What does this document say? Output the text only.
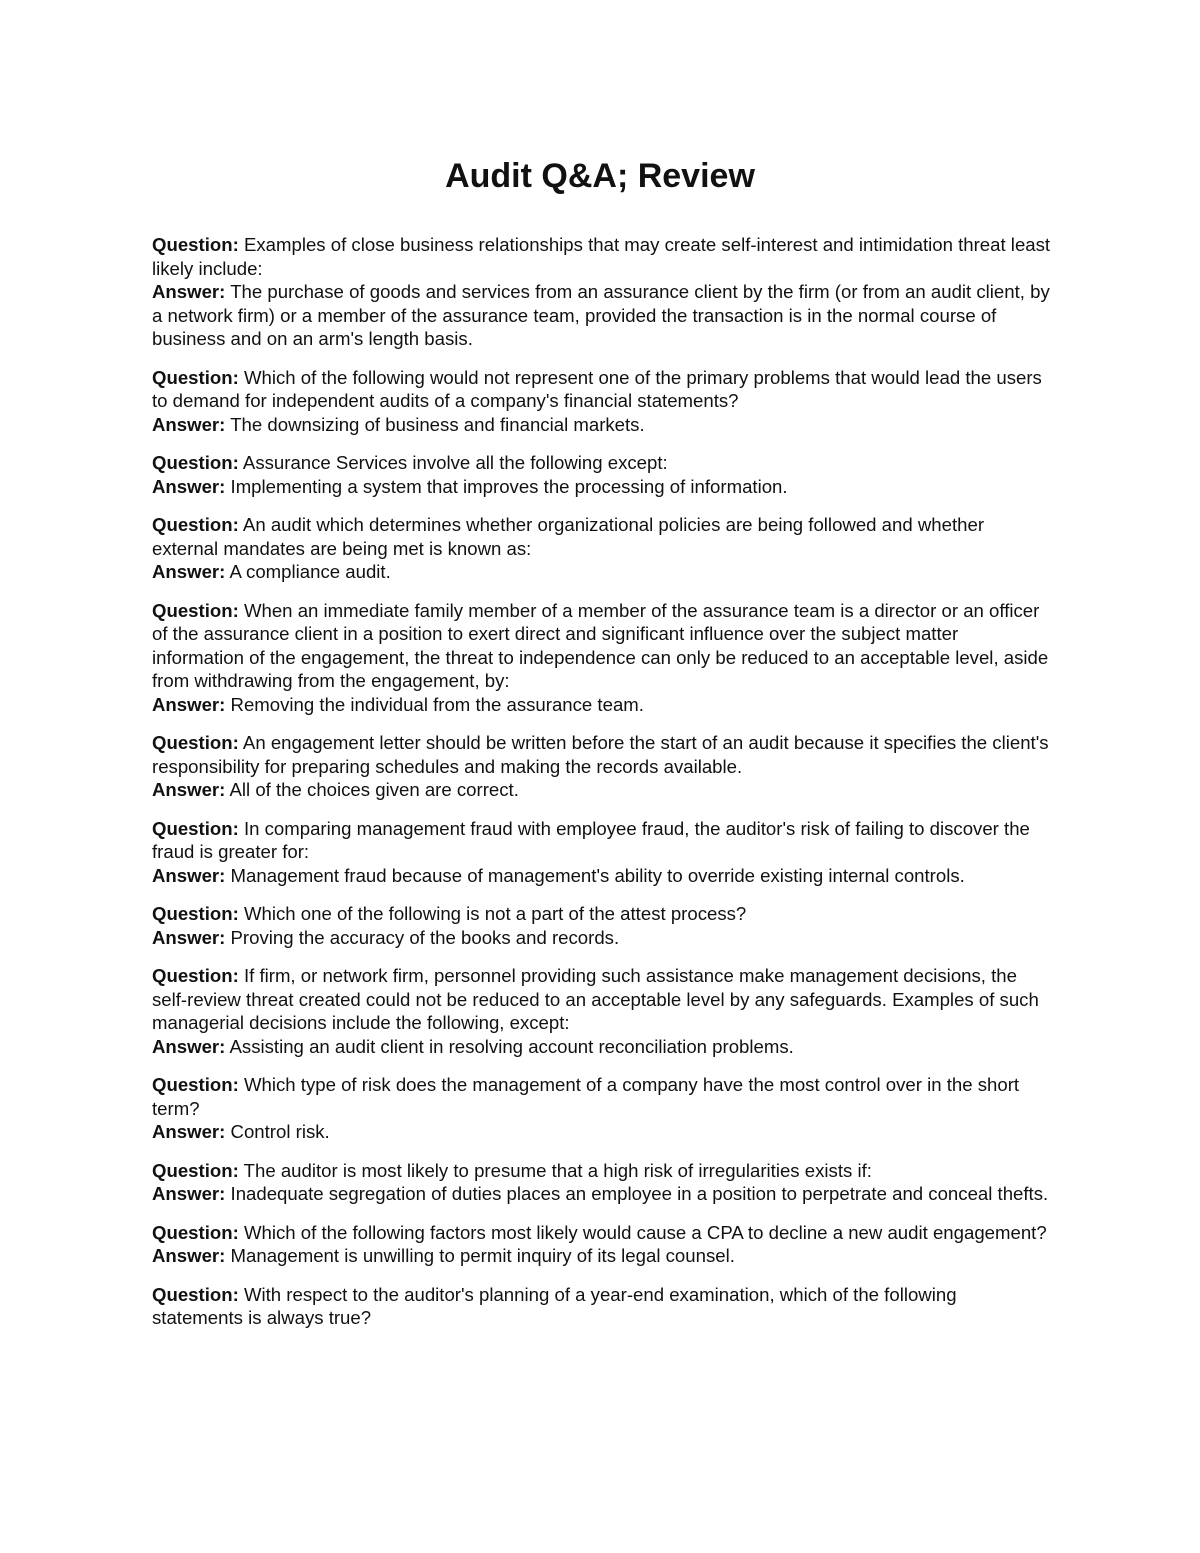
Audit Q&A; Review

Question: Examples of close business relationships that may create self-interest and intimidation threat least likely include:

Answer: The purchase of goods and services from an assurance client by the firm (or from an audit client, by a network firm) or a member of the assurance team, provided the transaction is in the normal course of business and on an arm's length basis.

Question: Which of the following would not represent one of the primary problems that would lead the users to demand for independent audits of a company's financial statements?

Answer: The downsizing of business and financial markets.

Question: Assurance Services involve all the following except:

Answer: Implementing a system that improves the processing of information.

Question: An audit which determines whether organizational policies are being followed and whether external mandates are being met is known as:

Answer: A compliance audit.

Question: When an immediate family member of a member of the assurance team is a director or an officer of the assurance client in a position to exert direct and significant influence over the subject matter information of the engagement, the threat to independence can only be reduced to an acceptable level, aside from withdrawing from the engagement, by:

Answer: Removing the individual from the assurance team.

Question: An engagement letter should be written before the start of an audit because it specifies the client's responsibility for preparing schedules and making the records available.

Answer: All of the choices given are correct.

Question: In comparing management fraud with employee fraud, the auditor's risk of failing to discover the fraud is greater for:

Answer: Management fraud because of management's ability to override existing internal controls.

Question: Which one of the following is not a part of the attest process?

Answer: Proving the accuracy of the books and records.

Question: If firm, or network firm, personnel providing such assistance make management decisions, the self-review threat created could not be reduced to an acceptable level by any safeguards. Examples of such managerial decisions include the following, except:

Answer: Assisting an audit client in resolving account reconciliation problems.

Question: Which type of risk does the management of a company have the most control over in the short term?

Answer: Control risk.

Question: The auditor is most likely to presume that a high risk of irregularities exists if:

Answer: Inadequate segregation of duties places an employee in a position to perpetrate and conceal thefts.

Question: Which of the following factors most likely would cause a CPA to decline a new audit engagement?

Answer: Management is unwilling to permit inquiry of its legal counsel.

Question: With respect to the auditor's planning of a year-end examination, which of the following statements is always true?
